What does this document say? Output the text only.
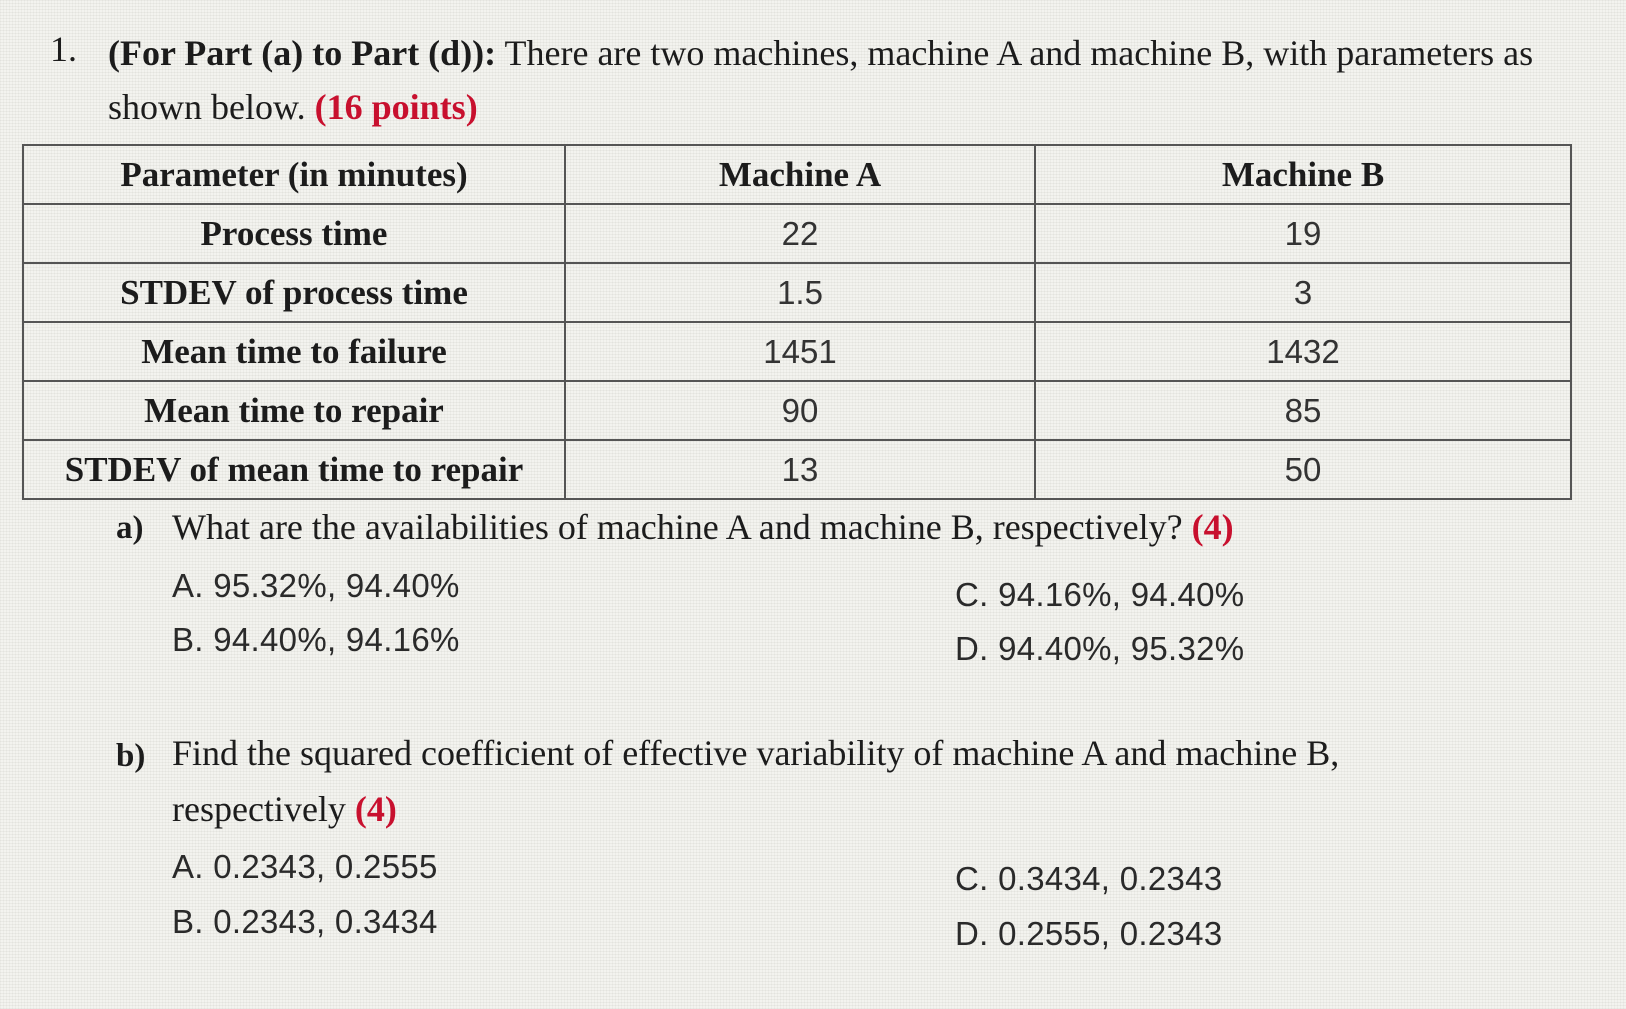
1. (For Part (a) to Part (d)): There are two machines, machine A and machine B, with parameters as shown below. (16 points)
Parameter (in minutes)	Machine A	Machine B
Process time	22	19
STDEV of process time	1.5	3
Mean time to failure	1451	1432
Mean time to repair	90	85
STDEV of mean time to repair	13	50
a) What are the availabilities of machine A and machine B, respectively? (4)
A. 95.32%, 94.40%
B. 94.40%, 94.16%
C. 94.16%, 94.40%
D. 94.40%, 95.32%
b) Find the squared coefficient of effective variability of machine A and machine B,
respectively (4)
A. 0.2343, 0.2555
B. 0.2343, 0.3434
C. 0.3434, 0.2343
D. 0.2555, 0.2343
